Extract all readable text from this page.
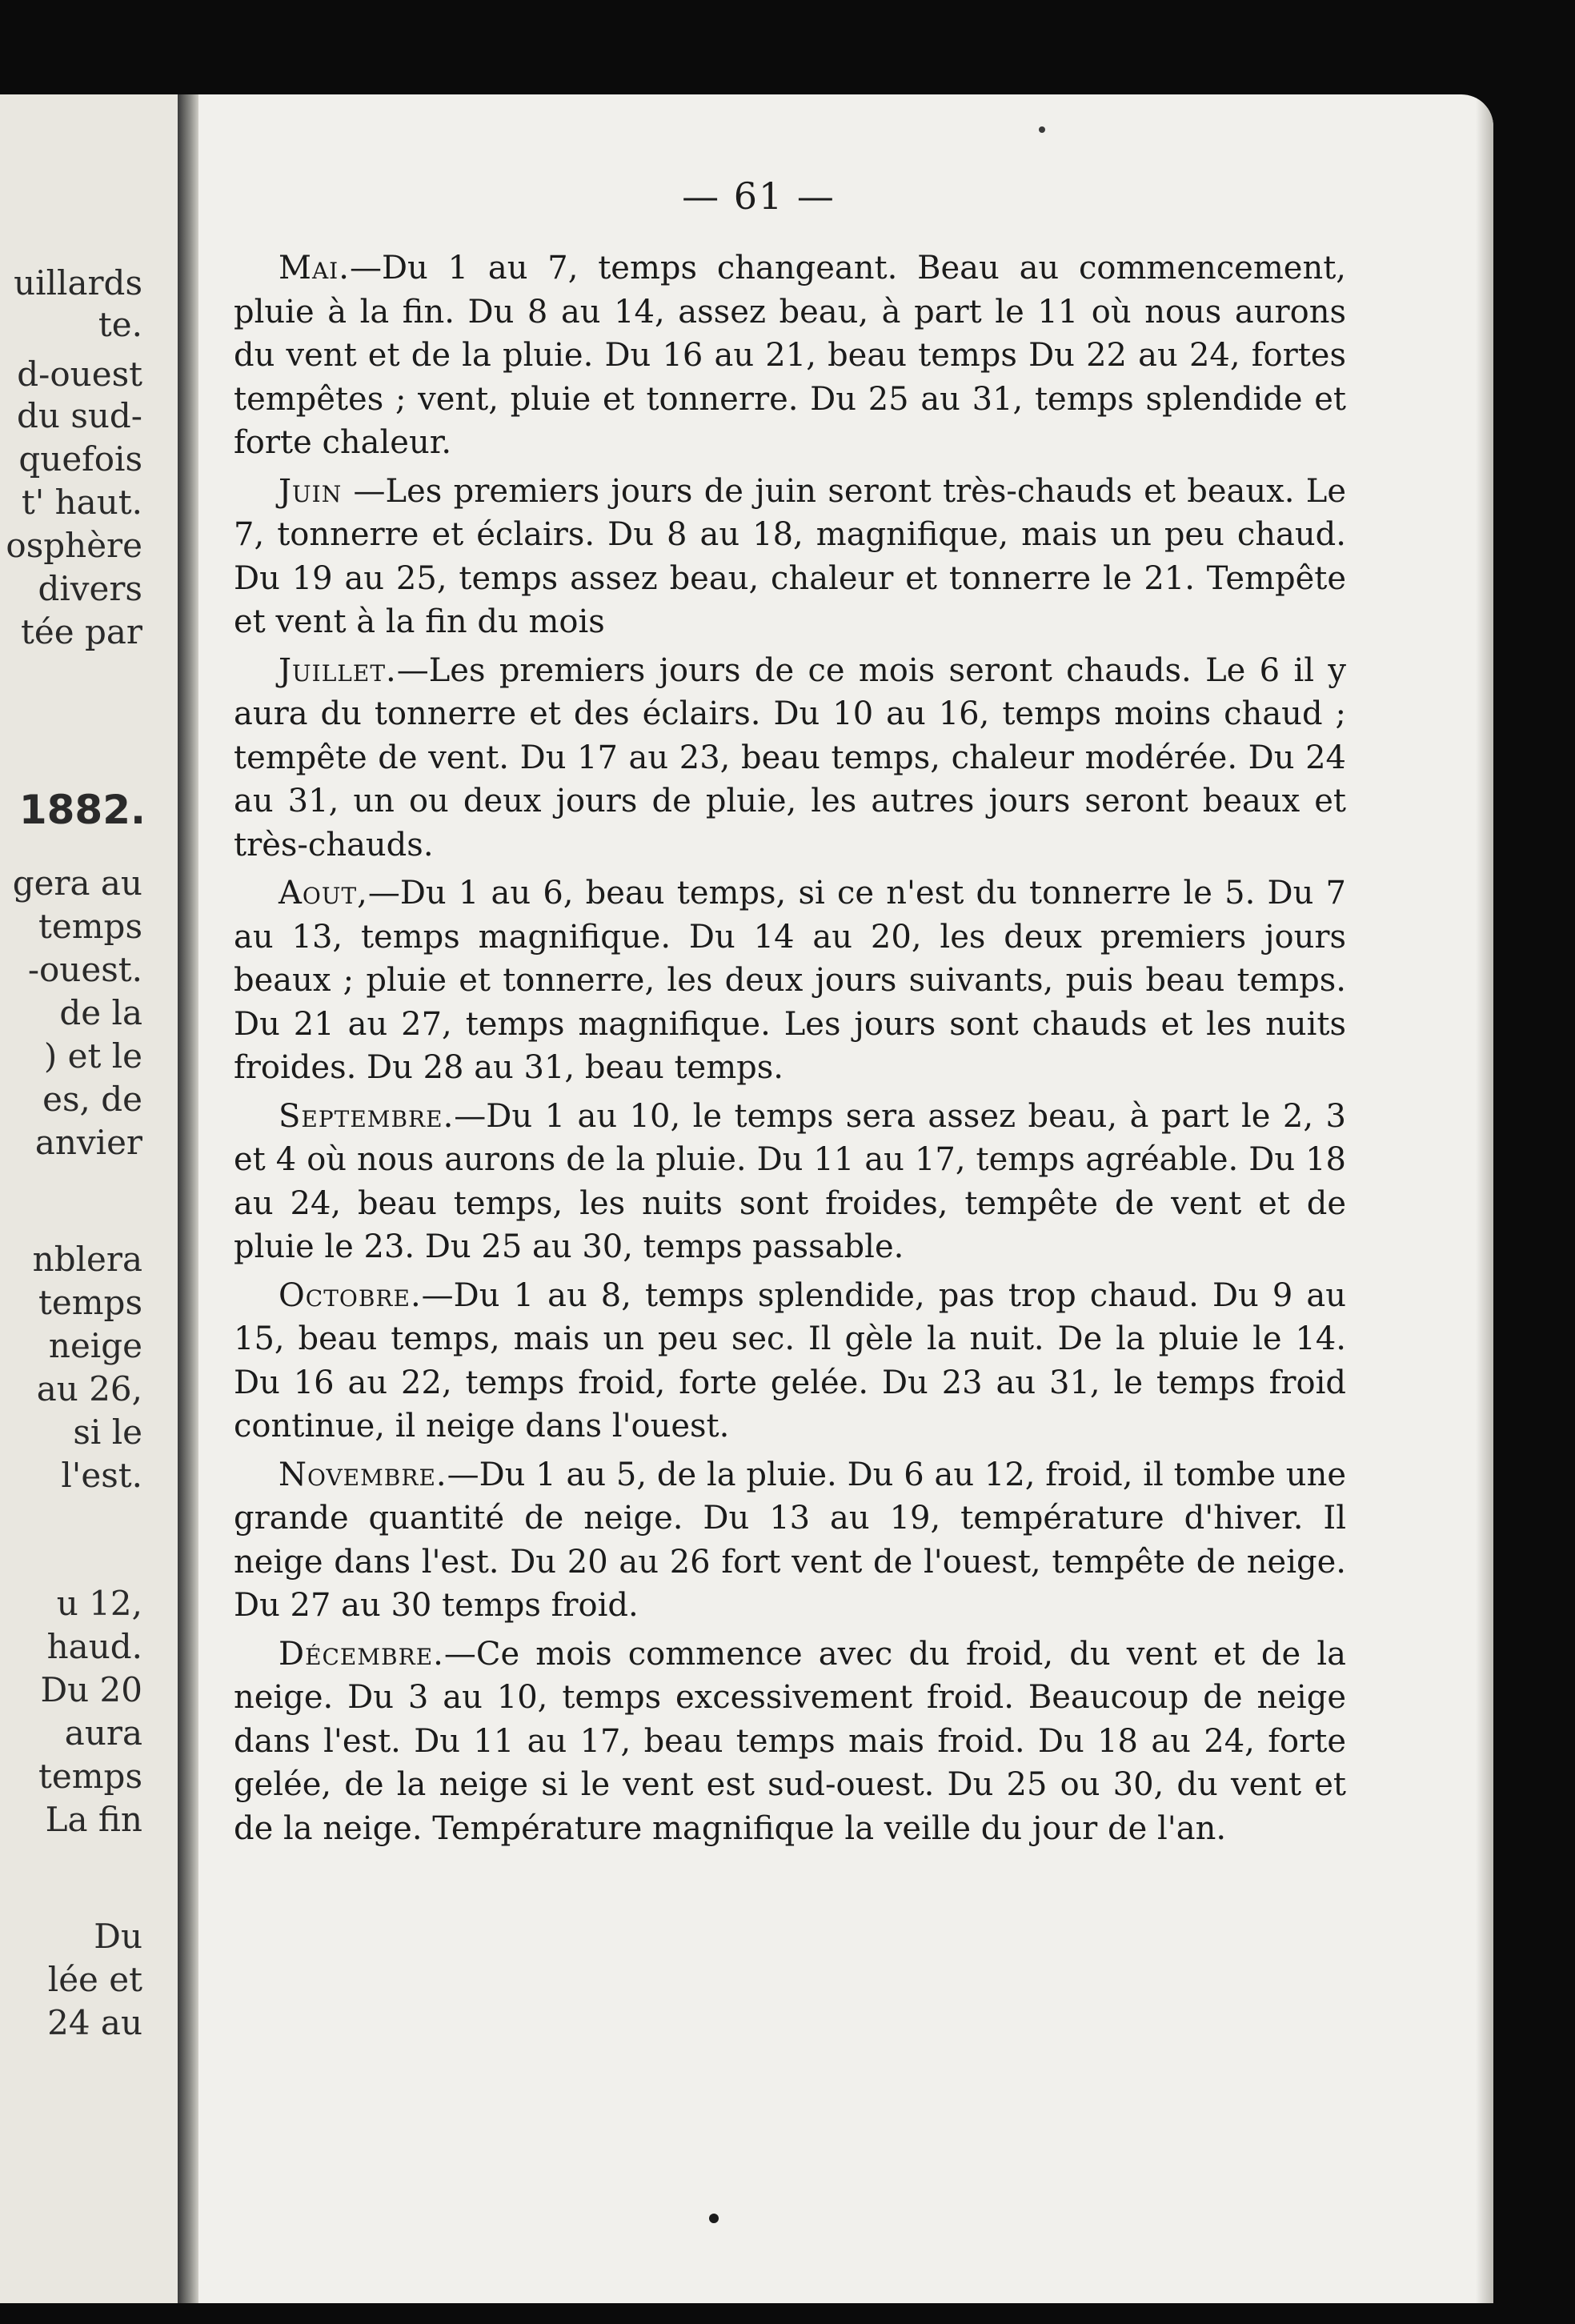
uillards
te.
d-ouest
du sud-
quefois
t' haut.
osphère
divers
tée par
1882.
gera au
temps
-ouest.
de la
) et le
es, de
anvier
nblera
temps
neige
au 26,
si le
l'est.
u 12,
haud.
Du 20
aura
temps
La fin
Du
lée et
24 au
— 61 —

Mai.—Du 1 au 7, temps changeant. Beau au commencement, pluie à la fin. Du 8 au 14, assez beau, à part le 11 où nous aurons du vent et de la pluie. Du 16 au 21, beau temps Du 22 au 24, fortes tempêtes ; vent, pluie et tonnerre. Du 25 au 31, temps splendide et forte chaleur.

Juin —Les premiers jours de juin seront très-chauds et beaux. Le 7, tonnerre et éclairs. Du 8 au 18, magnifique, mais un peu chaud. Du 19 au 25, temps assez beau, chaleur et tonnerre le 21. Tempête et vent à la fin du mois

Juillet.—Les premiers jours de ce mois seront chauds. Le 6 il y aura du tonnerre et des éclairs. Du 10 au 16, temps moins chaud ; tempête de vent. Du 17 au 23, beau temps, chaleur modérée. Du 24 au 31, un ou deux jours de pluie, les autres jours seront beaux et très-chauds.

Aout,—Du 1 au 6, beau temps, si ce n'est du tonnerre le 5. Du 7 au 13, temps magnifique. Du 14 au 20, les deux premiers jours beaux ; pluie et tonnerre, les deux jours suivants, puis beau temps. Du 21 au 27, temps magnifique. Les jours sont chauds et les nuits froides. Du 28 au 31, beau temps.

Septembre.—Du 1 au 10, le temps sera assez beau, à part le 2, 3 et 4 où nous aurons de la pluie. Du 11 au 17, temps agréable. Du 18 au 24, beau temps, les nuits sont froides, tempête de vent et de pluie le 23. Du 25 au 30, temps passable.

Octobre.—Du 1 au 8, temps splendide, pas trop chaud. Du 9 au 15, beau temps, mais un peu sec. Il gèle la nuit. De la pluie le 14. Du 16 au 22, temps froid, forte gelée. Du 23 au 31, le temps froid continue, il neige dans l'ouest.

Novembre.—Du 1 au 5, de la pluie. Du 6 au 12, froid, il tombe une grande quantité de neige. Du 13 au 19, température d'hiver. Il neige dans l'est. Du 20 au 26 fort vent de l'ouest, tempête de neige. Du 27 au 30 temps froid.

Décembre.—Ce mois commence avec du froid, du vent et de la neige. Du 3 au 10, temps excessivement froid. Beaucoup de neige dans l'est. Du 11 au 17, beau temps mais froid. Du 18 au 24, forte gelée, de la neige si le vent est sud-ouest. Du 25 ou 30, du vent et de la neige. Température magnifique la veille du jour de l'an.
